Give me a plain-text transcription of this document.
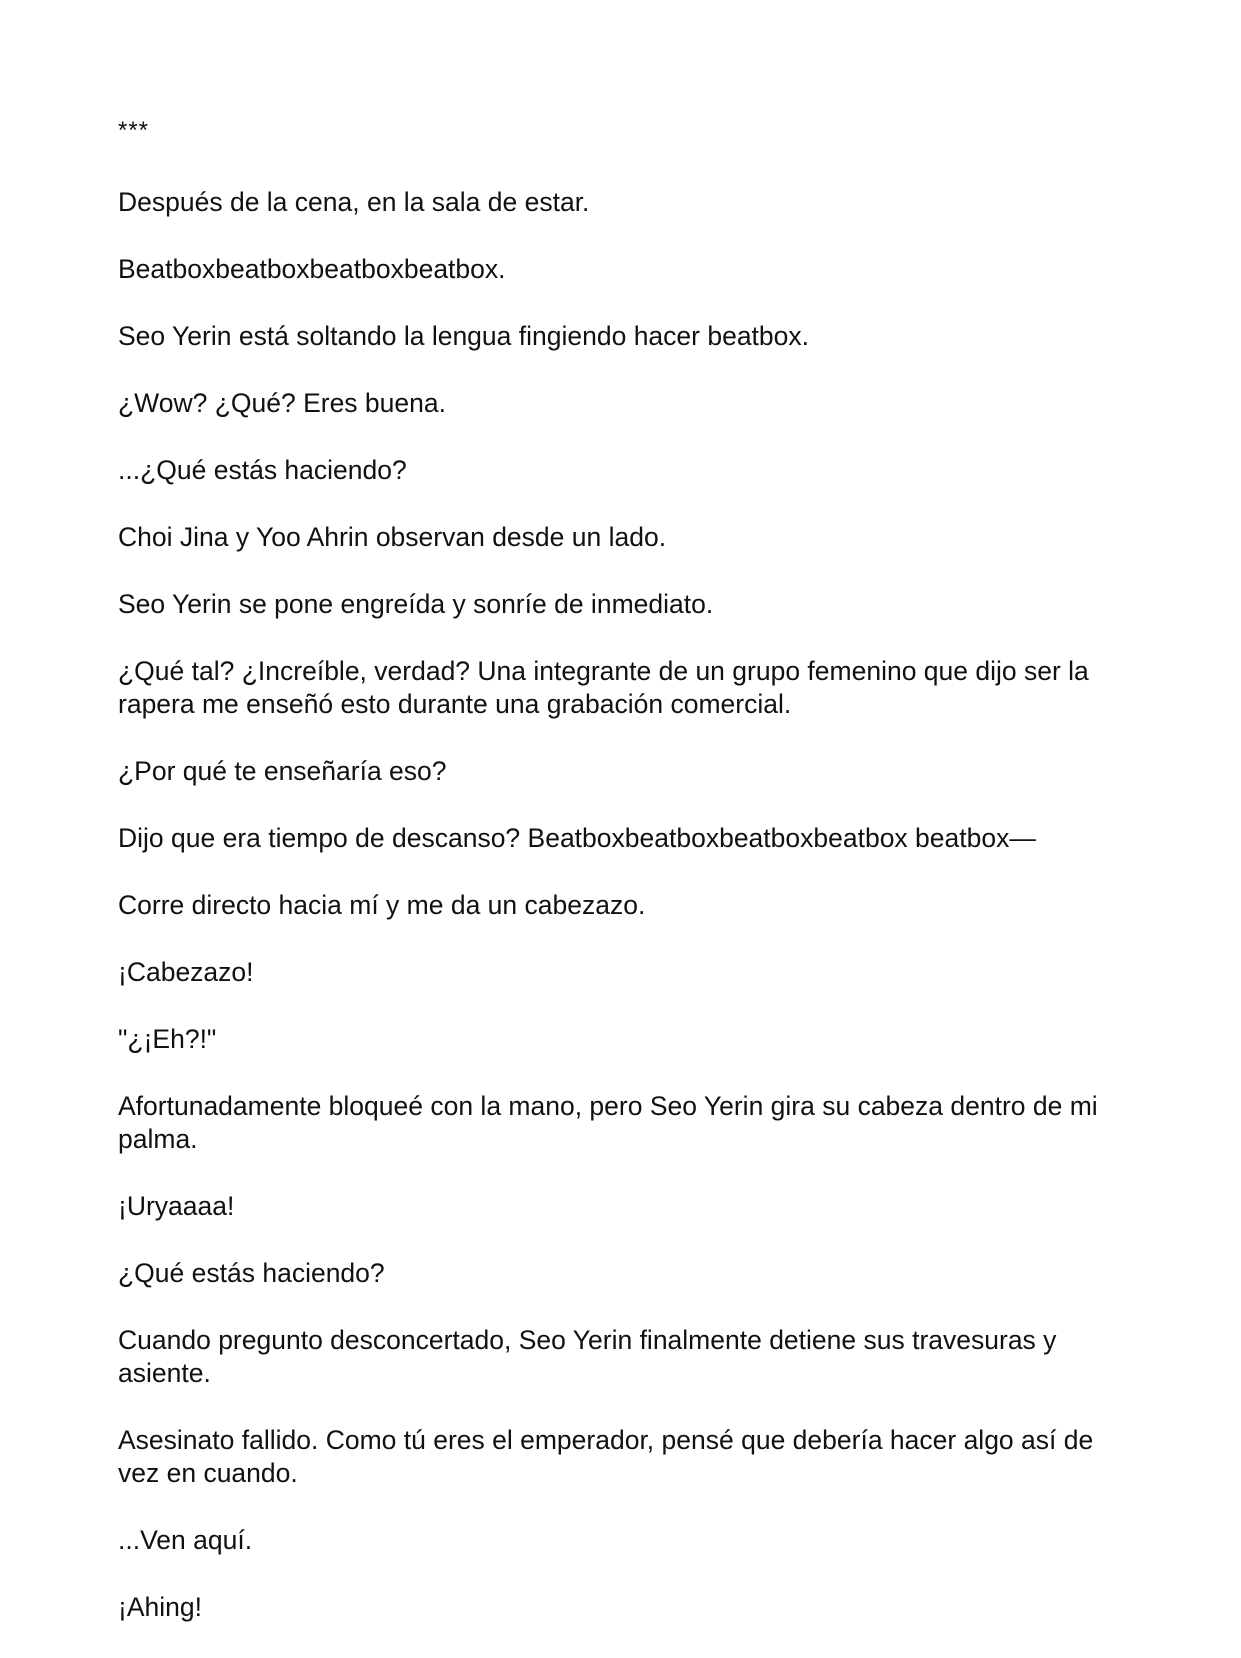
***

Después de la cena, en la sala de estar.

Beatboxbeatboxbeatboxbeatbox.

Seo Yerin está soltando la lengua fingiendo hacer beatbox.

¿Wow? ¿Qué? Eres buena.

...¿Qué estás haciendo?

Choi Jina y Yoo Ahrin observan desde un lado.

Seo Yerin se pone engreída y sonríe de inmediato.

¿Qué tal? ¿Increíble, verdad? Una integrante de un grupo femenino que dijo ser la rapera me enseñó esto durante una grabación comercial.

¿Por qué te enseñaría eso?

Dijo que era tiempo de descanso? Beatboxbeatboxbeatboxbeatbox beatbox—

Corre directo hacia mí y me da un cabezazo.

¡Cabezazo!

"¿¡Eh?!"

Afortunadamente bloqueé con la mano, pero Seo Yerin gira su cabeza dentro de mi palma.

¡Uryaaaa!

¿Qué estás haciendo?

Cuando pregunto desconcertado, Seo Yerin finalmente detiene sus travesuras y asiente.

Asesinato fallido. Como tú eres el emperador, pensé que debería hacer algo así de vez en cuando.

...Ven aquí.

¡Ahing!
